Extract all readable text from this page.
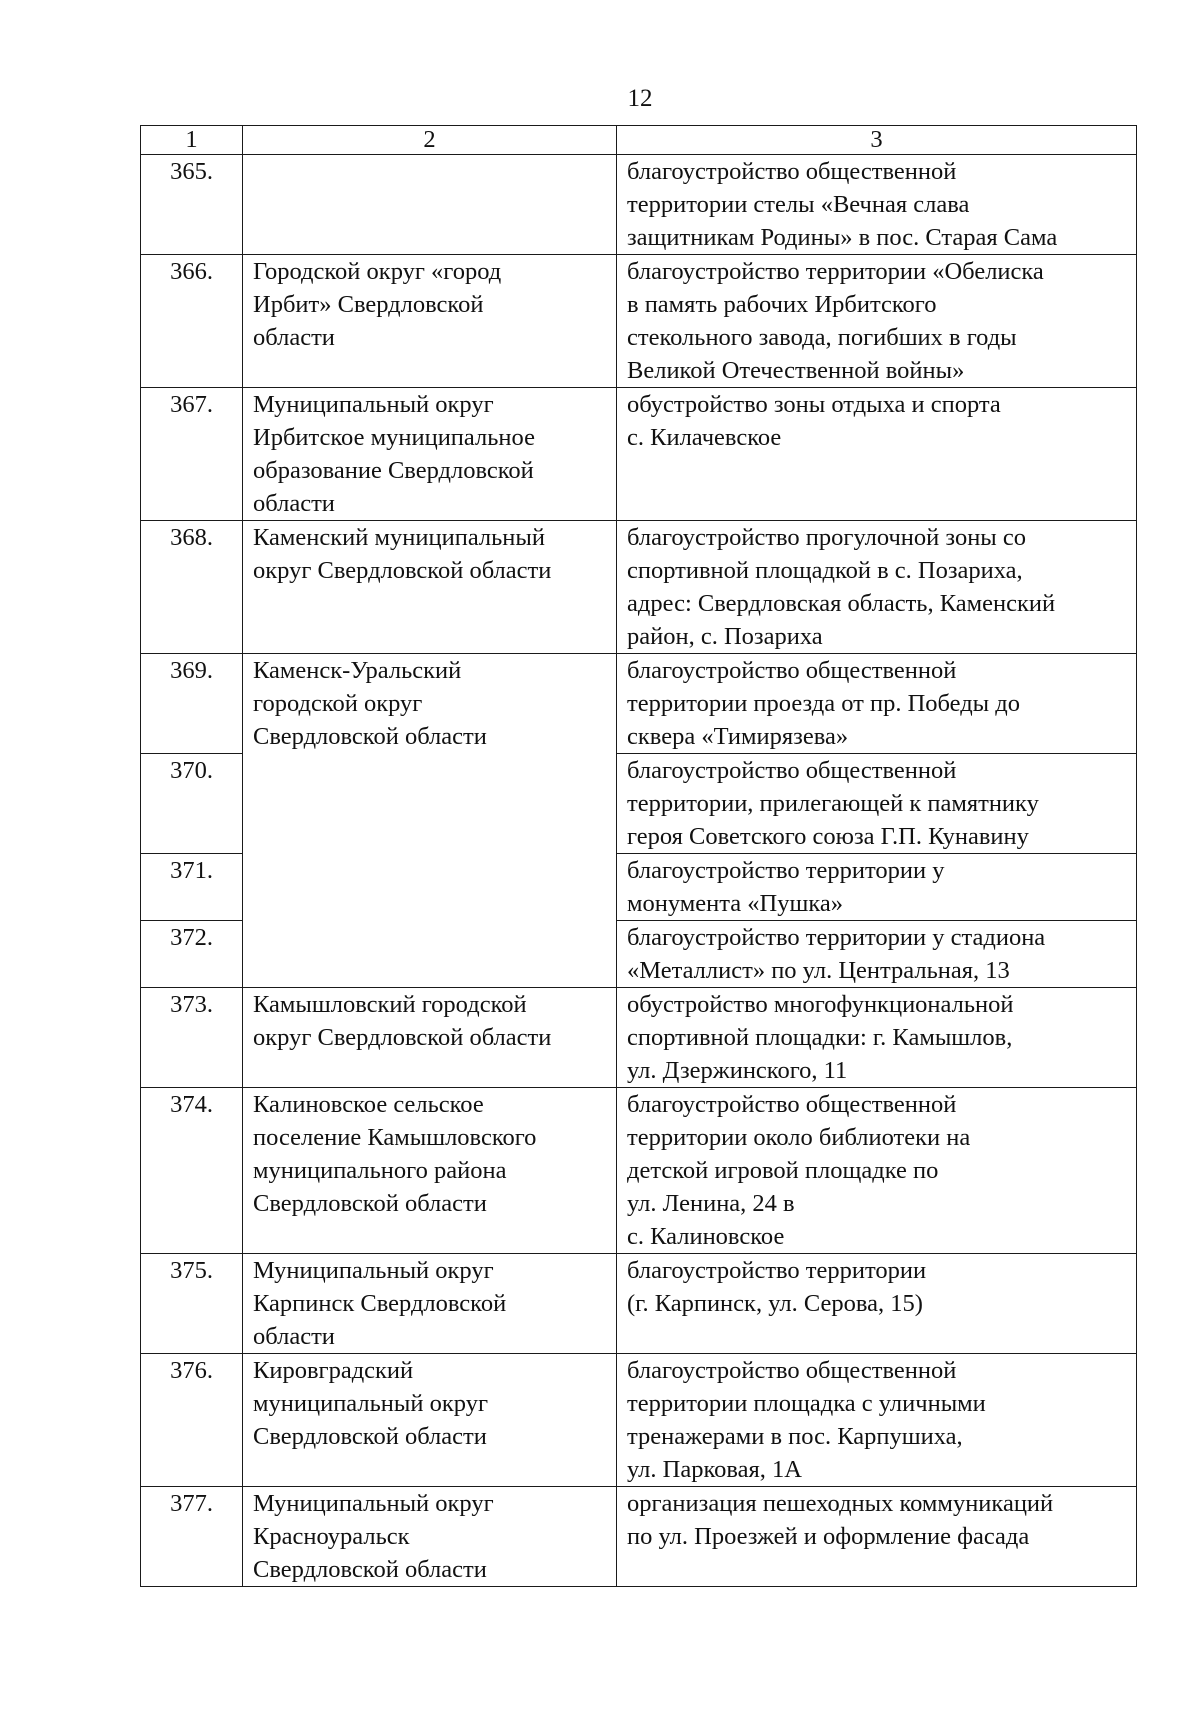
12
1	2	3
365.		благоустройство общественной
территории стелы «Вечная слава
защитникам Родины» в пос. Старая Сама
366.	Городской округ «город
Ирбит» Свердловской
области	благоустройство территории «Обелиска
в память рабочих Ирбитского
стекольного завода, погибших в годы
Великой Отечественной войны»
367.	Муниципальный округ
Ирбитское муниципальное
образование Свердловской
области	обустройство зоны отдыха и спорта
с. Килачевское
368.	Каменский муниципальный
округ Свердловской области	благоустройство прогулочной зоны со
спортивной площадкой в с. Позариха,
адрес: Свердловская область, Каменский
район, с. Позариха
369.	Каменск-Уральский
городской округ
Свердловской области	благоустройство общественной
территории проезда от пр. Победы до
сквера «Тимирязева»
370.		благоустройство общественной
территории, прилегающей к памятнику
героя Советского союза Г.П. Кунавину
371.		благоустройство территории у
монумента «Пушка»
372.		благоустройство территории у стадиона
«Металлист» по ул. Центральная, 13
373.	Камышловский городской
округ Свердловской области	обустройство многофункциональной
спортивной площадки: г. Камышлов,
ул. Дзержинского, 11
374.	Калиновское сельское
поселение Камышловского
муниципального района
Свердловской области	благоустройство общественной
территории около библиотеки на
детской игровой площадке по
ул. Ленина, 24 в
с. Калиновское
375.	Муниципальный округ
Карпинск Свердловской
области	благоустройство территории
(г. Карпинск, ул. Серова, 15)
376.	Кировградский
муниципальный округ
Свердловской области	благоустройство общественной
территории площадка с уличными
тренажерами в пос. Карпушиха,
ул. Парковая, 1А
377.	Муниципальный округ
Красноуральск
Свердловской области	организация пешеходных коммуникаций
по ул. Проезжей и оформление фасада
